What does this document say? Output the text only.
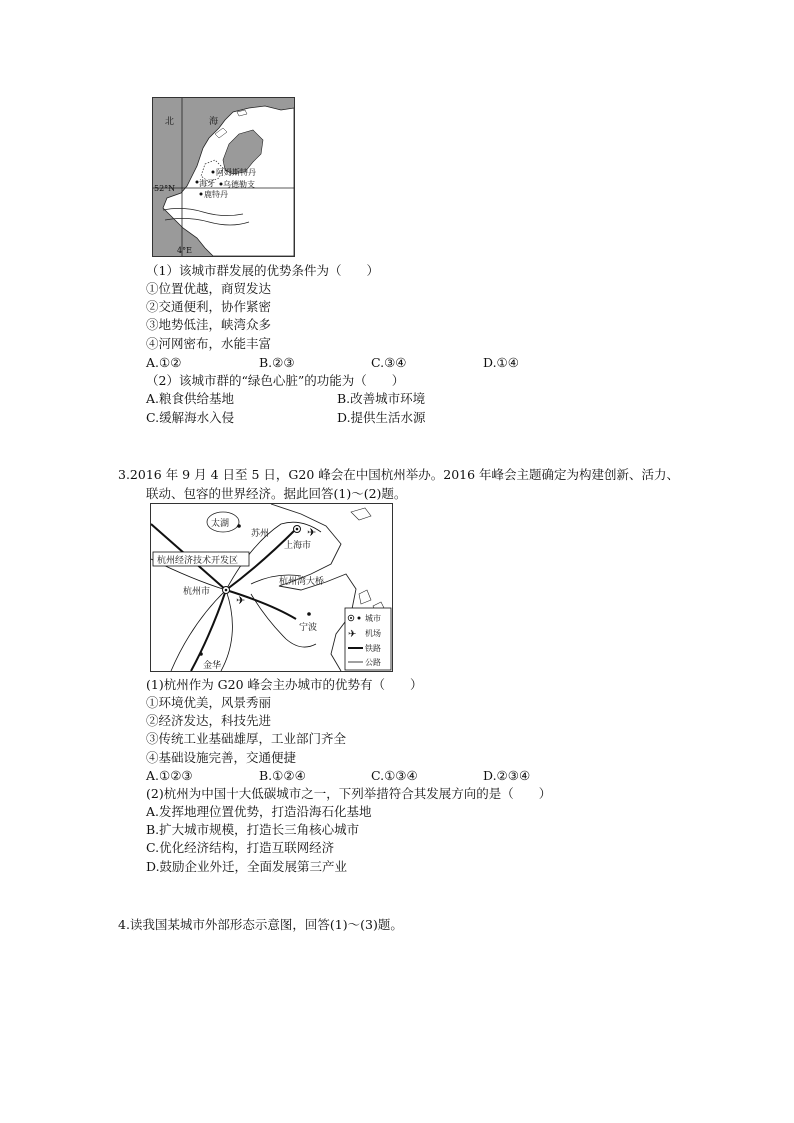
北	海
阿姆斯特丹
海牙 乌德勒支
鹿特丹
52°N
4°E
（1）该城市群发展的优势条件为（　　）
①位置优越，商贸发达
②交通便利，协作紧密
③地势低洼，峡湾众多
④河网密布，水能丰富
A.①②	B.②③	C.③④	D.①④
（2）该城市群的“绿色心脏”的功能为（　　）
A.粮食供给基地	B.改善城市环境
C.缓解海水入侵	D.提供生活水源
3.2016 年 9 月 4 日至 5 日，G20 峰会在中国杭州举办。2016 年峰会主题确定为构建创新、活力、
联动、包容的世界经济。据此回答(1)～(2)题。
✈
✈
✈
太湖
苏州
上海市
杭州经济技术开发区
杭州市
杭州湾大桥
宁波
金华
城市
机场
铁路
公路
(1)杭州作为 G20 峰会主办城市的优势有（　　）
①环境优美，风景秀丽
②经济发达，科技先进
③传统工业基础雄厚，工业部门齐全
④基础设施完善，交通便捷
A.①②③	B.①②④	C.①③④	D.②③④
(2)杭州为中国十大低碳城市之一，下列举措符合其发展方向的是（　　）
A.发挥地理位置优势，打造沿海石化基地
B.扩大城市规模，打造长三角核心城市
C.优化经济结构，打造互联网经济
D.鼓励企业外迁，全面发展第三产业
4.读我国某城市外部形态示意图，回答(1)～(3)题。
